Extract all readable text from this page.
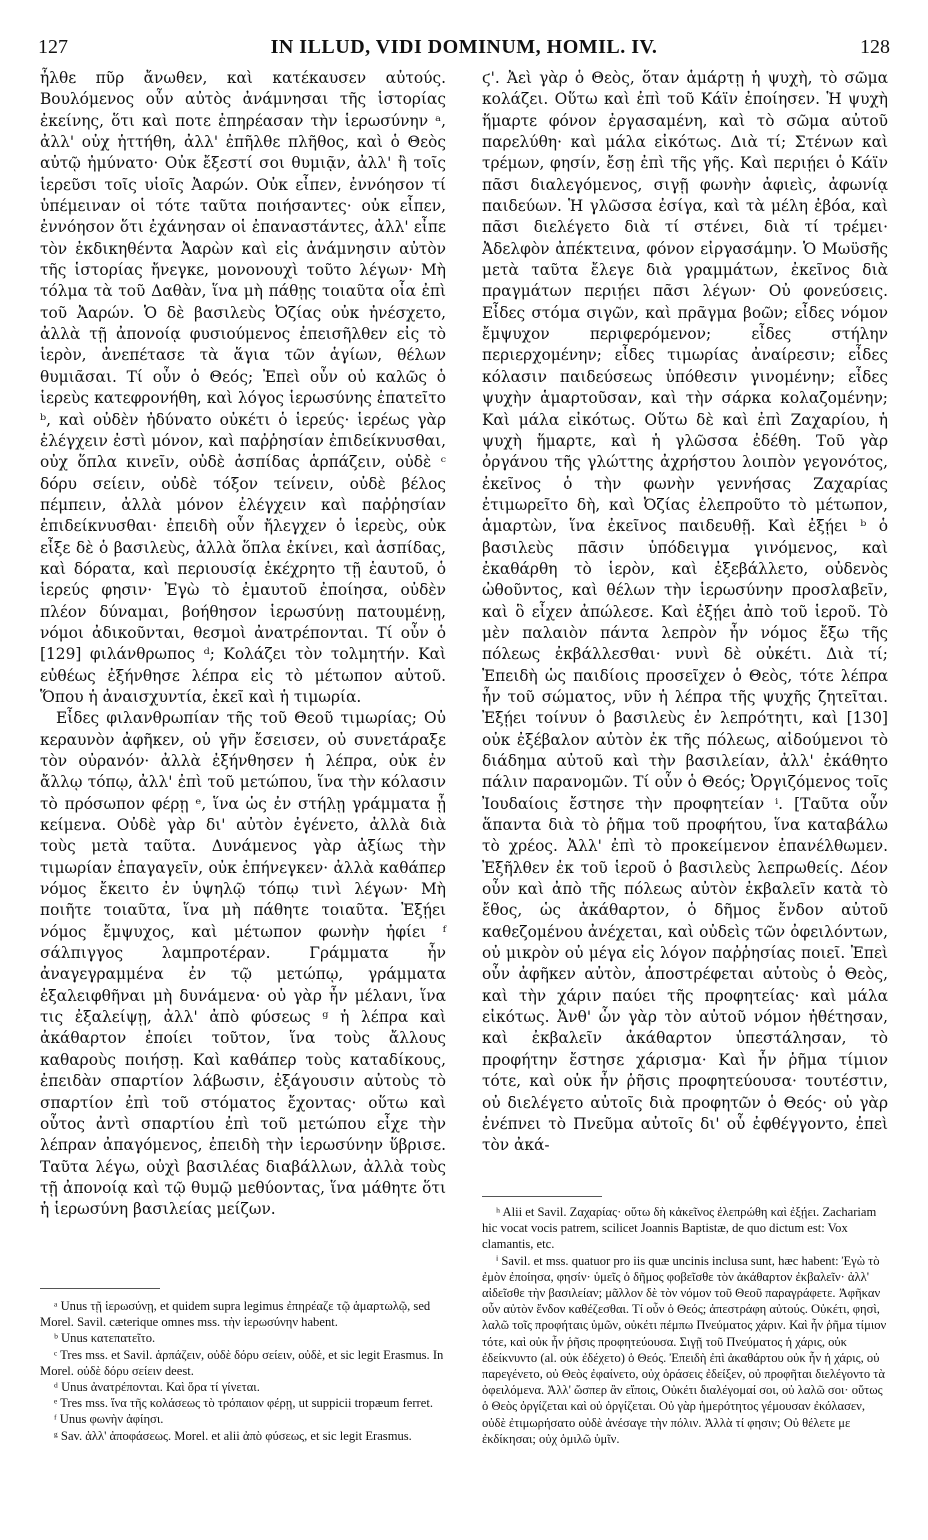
127	IN ILLUD, VIDI DOMINUM, HOMIL. IV.	128

ἦλθε πῦρ ἄνωθεν, καὶ κατέκαυσεν αὐτούς. Βουλόμενος οὖν αὐτὸς ἀνάμνησαι τῆς ἱστορίας ἐκείνης, ὅτι καὶ ποτε ἐπηρέασαν τὴν ἱερωσύνην ᵃ, ἀλλ' οὐχ ἡττήθη, ἀλλ' ἐπῆλθε πλῆθος, καὶ ὁ Θεὸς αὐτῷ ἠμύνατο· Οὐκ ἔξεστί σοι θυμιᾷν, ἀλλ' ἢ τοῖς ἱερεῦσι τοῖς υἱοῖς Ἀαρών. Οὐκ εἶπεν, ἐννόησον τί ὑπέμειναν οἱ τότε ταῦτα ποιήσαντες· οὐκ εἶπεν, ἐννόησον ὅτι ἐχάνησαν οἱ ἐπαναστάντες, ἀλλ' εἶπε τὸν ἐκδικηθέντα Ἀαρὼν καὶ εἰς ἀνάμνησιν αὐτὸν τῆς ἱστορίας ἤνεγκε, μονονουχὶ τοῦτο λέγων· Μὴ τόλμα τὰ τοῦ Δαθὰν, ἵνα μὴ πάθῃς τοιαῦτα οἷα ἐπὶ τοῦ Ἀαρών. Ὁ δὲ βασιλεὺς Ὀζίας οὐκ ἠνέσχετο, ἀλλὰ τῇ ἀπονοίᾳ φυσιούμενος ἐπεισῆλθεν εἰς τὸ ἱερὸν, ἀνεπέτασε τὰ ἅγια τῶν ἁγίων, θέλων θυμιᾶσαι. Τί οὖν ὁ Θεός; Ἐπεὶ οὖν οὐ καλῶς ὁ ἱερεὺς κατεφρονήθη, καὶ λόγος ἱερωσύνης ἐπατεῖτο ᵇ, καὶ οὐδὲν ἠδύνατο οὐκέτι ὁ ἱερεύς· ἱερέως γὰρ ἐλέγχειν ἐστὶ μόνον, καὶ παῤῥησίαν ἐπιδείκνυσθαι, οὐχ ὅπλα κινεῖν, οὐδὲ ἀσπίδας ἁρπάζειν, οὐδὲ ᶜ δόρυ σείειν, οὐδὲ τόξον τείνειν, οὐδὲ βέλος πέμπειν, ἀλλὰ μόνον ἐλέγχειν καὶ παῤῥησίαν ἐπιδείκνυσθαι· ἐπειδὴ οὖν ἤλεγχεν ὁ ἱερεὺς, οὐκ εἶξε δὲ ὁ βασιλεὺς, ἀλλὰ ὅπλα ἐκίνει, καὶ ἀσπίδας, καὶ δόρατα, καὶ περιουσίᾳ ἐκέχρητο τῇ ἑαυτοῦ, ὁ ἱερεύς φησιν· Ἐγὼ τὸ ἐμαυτοῦ ἐποίησα, οὐδὲν πλέον δύναμαι, βοήθησον ἱερωσύνῃ πατουμένῃ, νόμοι ἀδικοῦνται, θεσμοὶ ἀνατρέπονται. Τί οὖν ὁ [129] φιλάνθρωπος ᵈ; Κολάζει τὸν τολμητήν. Καὶ εὐθέως ἐξήνθησε λέπρα εἰς τὸ μέτωπον αὐτοῦ. Ὅπου ἡ ἀναισχυντία, ἐκεῖ καὶ ἡ τιμωρία.

Εἶδες φιλανθρωπίαν τῆς τοῦ Θεοῦ τιμωρίας; Οὐ κεραυνὸν ἀφῆκεν, οὐ γῆν ἔσεισεν, οὐ συνετάραξε τὸν οὐρανόν· ἀλλὰ ἐξήνθησεν ἡ λέπρα, οὐκ ἐν ἄλλῳ τόπῳ, ἀλλ' ἐπὶ τοῦ μετώπου, ἵνα τὴν κόλασιν τὸ πρόσωπον φέρῃ ᵉ, ἵνα ὡς ἐν στήλῃ γράμματα ᾖ κείμενα. Οὐδὲ γὰρ δι' αὐτὸν ἐγένετο, ἀλλὰ διὰ τοὺς μετὰ ταῦτα. Δυνάμενος γὰρ ἀξίως τὴν τιμωρίαν ἐπαγαγεῖν, οὐκ ἐπήνεγκεν· ἀλλὰ καθάπερ νόμος ἔκειτο ἐν ὑψηλῷ τόπῳ τινὶ λέγων· Μὴ ποιῆτε τοιαῦτα, ἵνα μὴ πάθητε τοιαῦτα. Ἐξῄει νόμος ἔμψυχος, καὶ μέτωπον φωνὴν ἠφίει ᶠ σάλπιγγος λαμπροτέραν. Γράμματα ἦν ἀναγεγραμμένα ἐν τῷ μετώπῳ, γράμματα ἐξαλειφθῆναι μὴ δυνάμενα· οὐ γὰρ ἦν μέλανι, ἵνα τις ἐξαλείψῃ, ἀλλ' ἀπὸ φύσεως ᵍ ἡ λέπρα καὶ ἀκάθαρτον ἐποίει τοῦτον, ἵνα τοὺς ἄλλους καθαροὺς ποιήσῃ. Καὶ καθάπερ τοὺς καταδίκους, ἐπειδὰν σπαρτίον λάβωσιν, ἐξάγουσιν αὐτοὺς τὸ σπαρτίον ἐπὶ τοῦ στόματος ἔχοντας· οὕτω καὶ οὗτος ἀντὶ σπαρτίου ἐπὶ τοῦ μετώπου εἶχε τὴν λέπραν ἀπαγόμενος, ἐπειδὴ τὴν ἱερωσύνην ὕβρισε. Ταῦτα λέγω, οὐχὶ βασιλέας διαβάλλων, ἀλλὰ τοὺς τῇ ἀπονοίᾳ καὶ τῷ θυμῷ μεθύοντας, ἵνα μάθητε ὅτι ἡ ἱερωσύνη βασιλείας μείζων.

ϛ'. Ἀεὶ γὰρ ὁ Θεὸς, ὅταν ἁμάρτῃ ἡ ψυχὴ, τὸ σῶμα κολάζει. Οὕτω καὶ ἐπὶ τοῦ Κάϊν ἐποίησεν. Ἡ ψυχὴ ἥμαρτε φόνον ἐργασαμένη, καὶ τὸ σῶμα αὐτοῦ παρελύθη· καὶ μάλα εἰκότως. Διὰ τί; Στένων καὶ τρέμων, φησίν, ἔσῃ ἐπὶ τῆς γῆς. Καὶ περιῄει ὁ Κάϊν πᾶσι διαλεγόμενος, σιγῇ φωνὴν ἀφιεὶς, ἀφωνίᾳ παιδεύων. Ἡ γλῶσσα ἐσίγα, καὶ τὰ μέλη ἐβόα, καὶ πᾶσι διελέγετο διὰ τί στένει, διὰ τί τρέμει· Ἀδελφὸν ἀπέκτεινα, φόνον εἰργασάμην. Ὁ Μωϋσῆς μετὰ ταῦτα ἔλεγε διὰ γραμμάτων, ἐκεῖνος διὰ πραγμάτων περιῄει πᾶσι λέγων· Οὐ φονεύσεις. Εἶδες στόμα σιγῶν, καὶ πρᾶγμα βοῶν; εἶδες νόμον ἔμψυχον περιφερόμενον; εἶδες στήλην περιερχομένην; εἶδες τιμωρίας ἀναίρεσιν; εἶδες κόλασιν παιδεύσεως ὑπόθεσιν γινομένην; εἶδες ψυχὴν ἁμαρτοῦσαν, καὶ τὴν σάρκα κολαζομένην; Καὶ μάλα εἰκότως. Οὕτω δὲ καὶ ἐπὶ Ζαχαρίου, ἡ ψυχὴ ἥμαρτε, καὶ ἡ γλῶσσα ἐδέθη. Τοῦ γὰρ ὀργάνου τῆς γλώττης ἀχρήστου λοιπὸν γεγονότος, ἐκεῖνος ὁ τὴν φωνὴν γεννήσας Ζαχαρίας ἐτιμωρεῖτο δὴ, καὶ Ὀζίας ἐλεπροῦτο τὸ μέτωπον, ἁμαρτὼν, ἵνα ἐκεῖνος παιδευθῇ. Καὶ ἐξῄει ᵇ ὁ βασιλεὺς πᾶσιν ὑπόδειγμα γινόμενος, καὶ ἐκαθάρθη τὸ ἱερὸν, καὶ ἐξεβάλλετο, οὐδενὸς ὠθοῦντος, καὶ θέλων τὴν ἱερωσύνην προσλαβεῖν, καὶ ὃ εἶχεν ἀπώλεσε. Καὶ ἐξῄει ἀπὸ τοῦ ἱεροῦ. Τὸ μὲν παλαιὸν πάντα λεπρὸν ἦν νόμος ἔξω τῆς πόλεως ἐκβάλλεσθαι· νυνὶ δὲ οὐκέτι. Διὰ τί; Ἐπειδὴ ὡς παιδίοις προσεῖχεν ὁ Θεὸς, τότε λέπρα ἦν τοῦ σώματος, νῦν ἡ λέπρα τῆς ψυχῆς ζητεῖται. Ἐξῄει τοίνυν ὁ βασιλεὺς ἐν λεπρότητι, καὶ [130] οὐκ ἐξέβαλον αὐτὸν ἐκ τῆς πόλεως, αἰδούμενοι τὸ διάδημα αὐτοῦ καὶ τὴν βασιλείαν, ἀλλ' ἐκάθητο πάλιν παρανομῶν. Τί οὖν ὁ Θεός; Ὀργιζόμενος τοῖς Ἰουδαίοις ἔστησε τὴν προφητείαν ⁱ. [Ταῦτα οὖν ἅπαντα διὰ τὸ ῥῆμα τοῦ προφήτου, ἵνα καταβάλω τὸ χρέος. Ἀλλ' ἐπὶ τὸ προκείμενον ἐπανέλθωμεν. Ἐξῆλθεν ἐκ τοῦ ἱεροῦ ὁ βασιλεὺς λεπρωθείς. Δέον οὖν καὶ ἀπὸ τῆς πόλεως αὐτὸν ἐκβαλεῖν κατὰ τὸ ἔθος, ὡς ἀκάθαρτον, ὁ δῆμος ἔνδον αὐτοῦ καθεζομένου ἀνέχεται, καὶ οὐδεὶς τῶν ὀφειλόντων, οὐ μικρὸν οὐ μέγα εἰς λόγον παῤῥησίας ποιεῖ. Ἐπεὶ οὖν ἀφῆκεν αὐτὸν, ἀποστρέφεται αὐτοὺς ὁ Θεὸς, καὶ τὴν χάριν παύει τῆς προφητείας· καὶ μάλα εἰκότως. Ἀνθ' ὧν γὰρ τὸν αὐτοῦ νόμον ἠθέτησαν, καὶ ἐκβαλεῖν ἀκάθαρτον ὑπεστάλησαν, τὸ προφήτην ἔστησε χάρισμα· Καὶ ἦν ῥῆμα τίμιον τότε, καὶ οὐκ ἦν ῥῆσις προφητεύουσα· τουτέστιν, οὐ διελέγετο αὐτοῖς διὰ προφητῶν ὁ Θεός· οὐ γὰρ ἐνέπνει τὸ Πνεῦμα αὐτοῖς δι' οὗ ἐφθέγγοντο, ἐπεὶ τὸν ἀκά-

ᵃ Unus τῇ ἱερωσύνῃ, et quidem supra legimus ἐπηρέαζε τῷ ἁμαρτωλῷ, sed Morel. Savil. cæterique omnes mss. τὴν ἱερωσύνην habent.

ᵇ Unus κατεπατεῖτο.

ᶜ Tres mss. et Savil. ἁρπάζειν, οὐδὲ δόρυ σείειν, οὐδὲ, et sic legit Erasmus. In Morel. οὐδὲ δόρυ σείειν deest.

ᵈ Unus ἀνατρέπονται. Καὶ ὅρα τί γίνεται.

ᵉ Tres mss. ἵνα τῆς κολάσεως τὸ τρόπαιον φέρῃ, ut suppicii tropæum ferret.

ᶠ Unus φωνὴν ἀφίησι.

ᵍ Sav. ἀλλ' ἀποφάσεως. Morel. et alii ἀπὸ φύσεως, et sic legit Erasmus.

ʰ Alii et Savil. Ζαχαρίας· οὕτω δὴ κἀκεῖνος ἐλεπρώθη καὶ ἐξῄει. Zachariam hic vocat vocis patrem, scilicet Joannis Baptistæ, de quo dictum est: Vox clamantis, etc.

ⁱ Savil. et mss. quatuor pro iis quæ uncinis inclusa sunt, hæc habent: Ἐγὼ τὸ ἐμὸν ἐποίησα, φησίν· ὑμεῖς ὁ δῆμος φοβεῖσθε τὸν ἀκάθαρτον ἐκβαλεῖν· ἀλλ' αἰδεῖσθε τὴν βασιλείαν; μᾶλλον δὲ τὸν νόμον τοῦ Θεοῦ παραγράφετε. Ἀφῆκαν οὖν αὐτὸν ἔνδον καθέζεσθαι. Τί οὖν ὁ Θεός; ἀπεστράφη αὐτούς. Οὐκέτι, φησὶ, λαλῶ τοῖς προφήταις ὑμῶν, οὐκέτι πέμπω Πνεύματος χάριν. Καὶ ἦν ῥῆμα τίμιον τότε, καὶ οὐκ ἦν ῥῆσις προφητεύουσα. Σιγῇ τοῦ Πνεύματος ἡ χάρις, οὐκ ἐδείκνυντο (al. οὐκ ἐδέχετο) ὁ Θεός. Ἐπειδὴ ἐπὶ ἀκαθάρτου οὐκ ἦν ἡ χάρις, οὐ παρεγένετο, οὐ Θεὸς ἐφαίνετο, οὐχ ὁράσεις ἐδείξεν, οὐ προφῆται διελέγοντο τὰ ὀφειλόμενα. Ἀλλ' ὥσπερ ἂν εἴποις, Οὐκέτι διαλέγομαί σοι, οὐ λαλῶ σοι· οὕτως ὁ Θεὸς ὀργίζεται καὶ οὐ ὀργίζεται. Οὐ γὰρ ἡμερότητος γέμουσαν ἐκόλασεν, οὐδὲ ἐτιμωρήσατο οὐδὲ ἀνέσαγε τὴν πόλιν. Ἀλλὰ τί φησιν; Οὐ θέλετε με ἐκδίκησαι; οὐχ ὁμιλῶ ὑμῖν.
